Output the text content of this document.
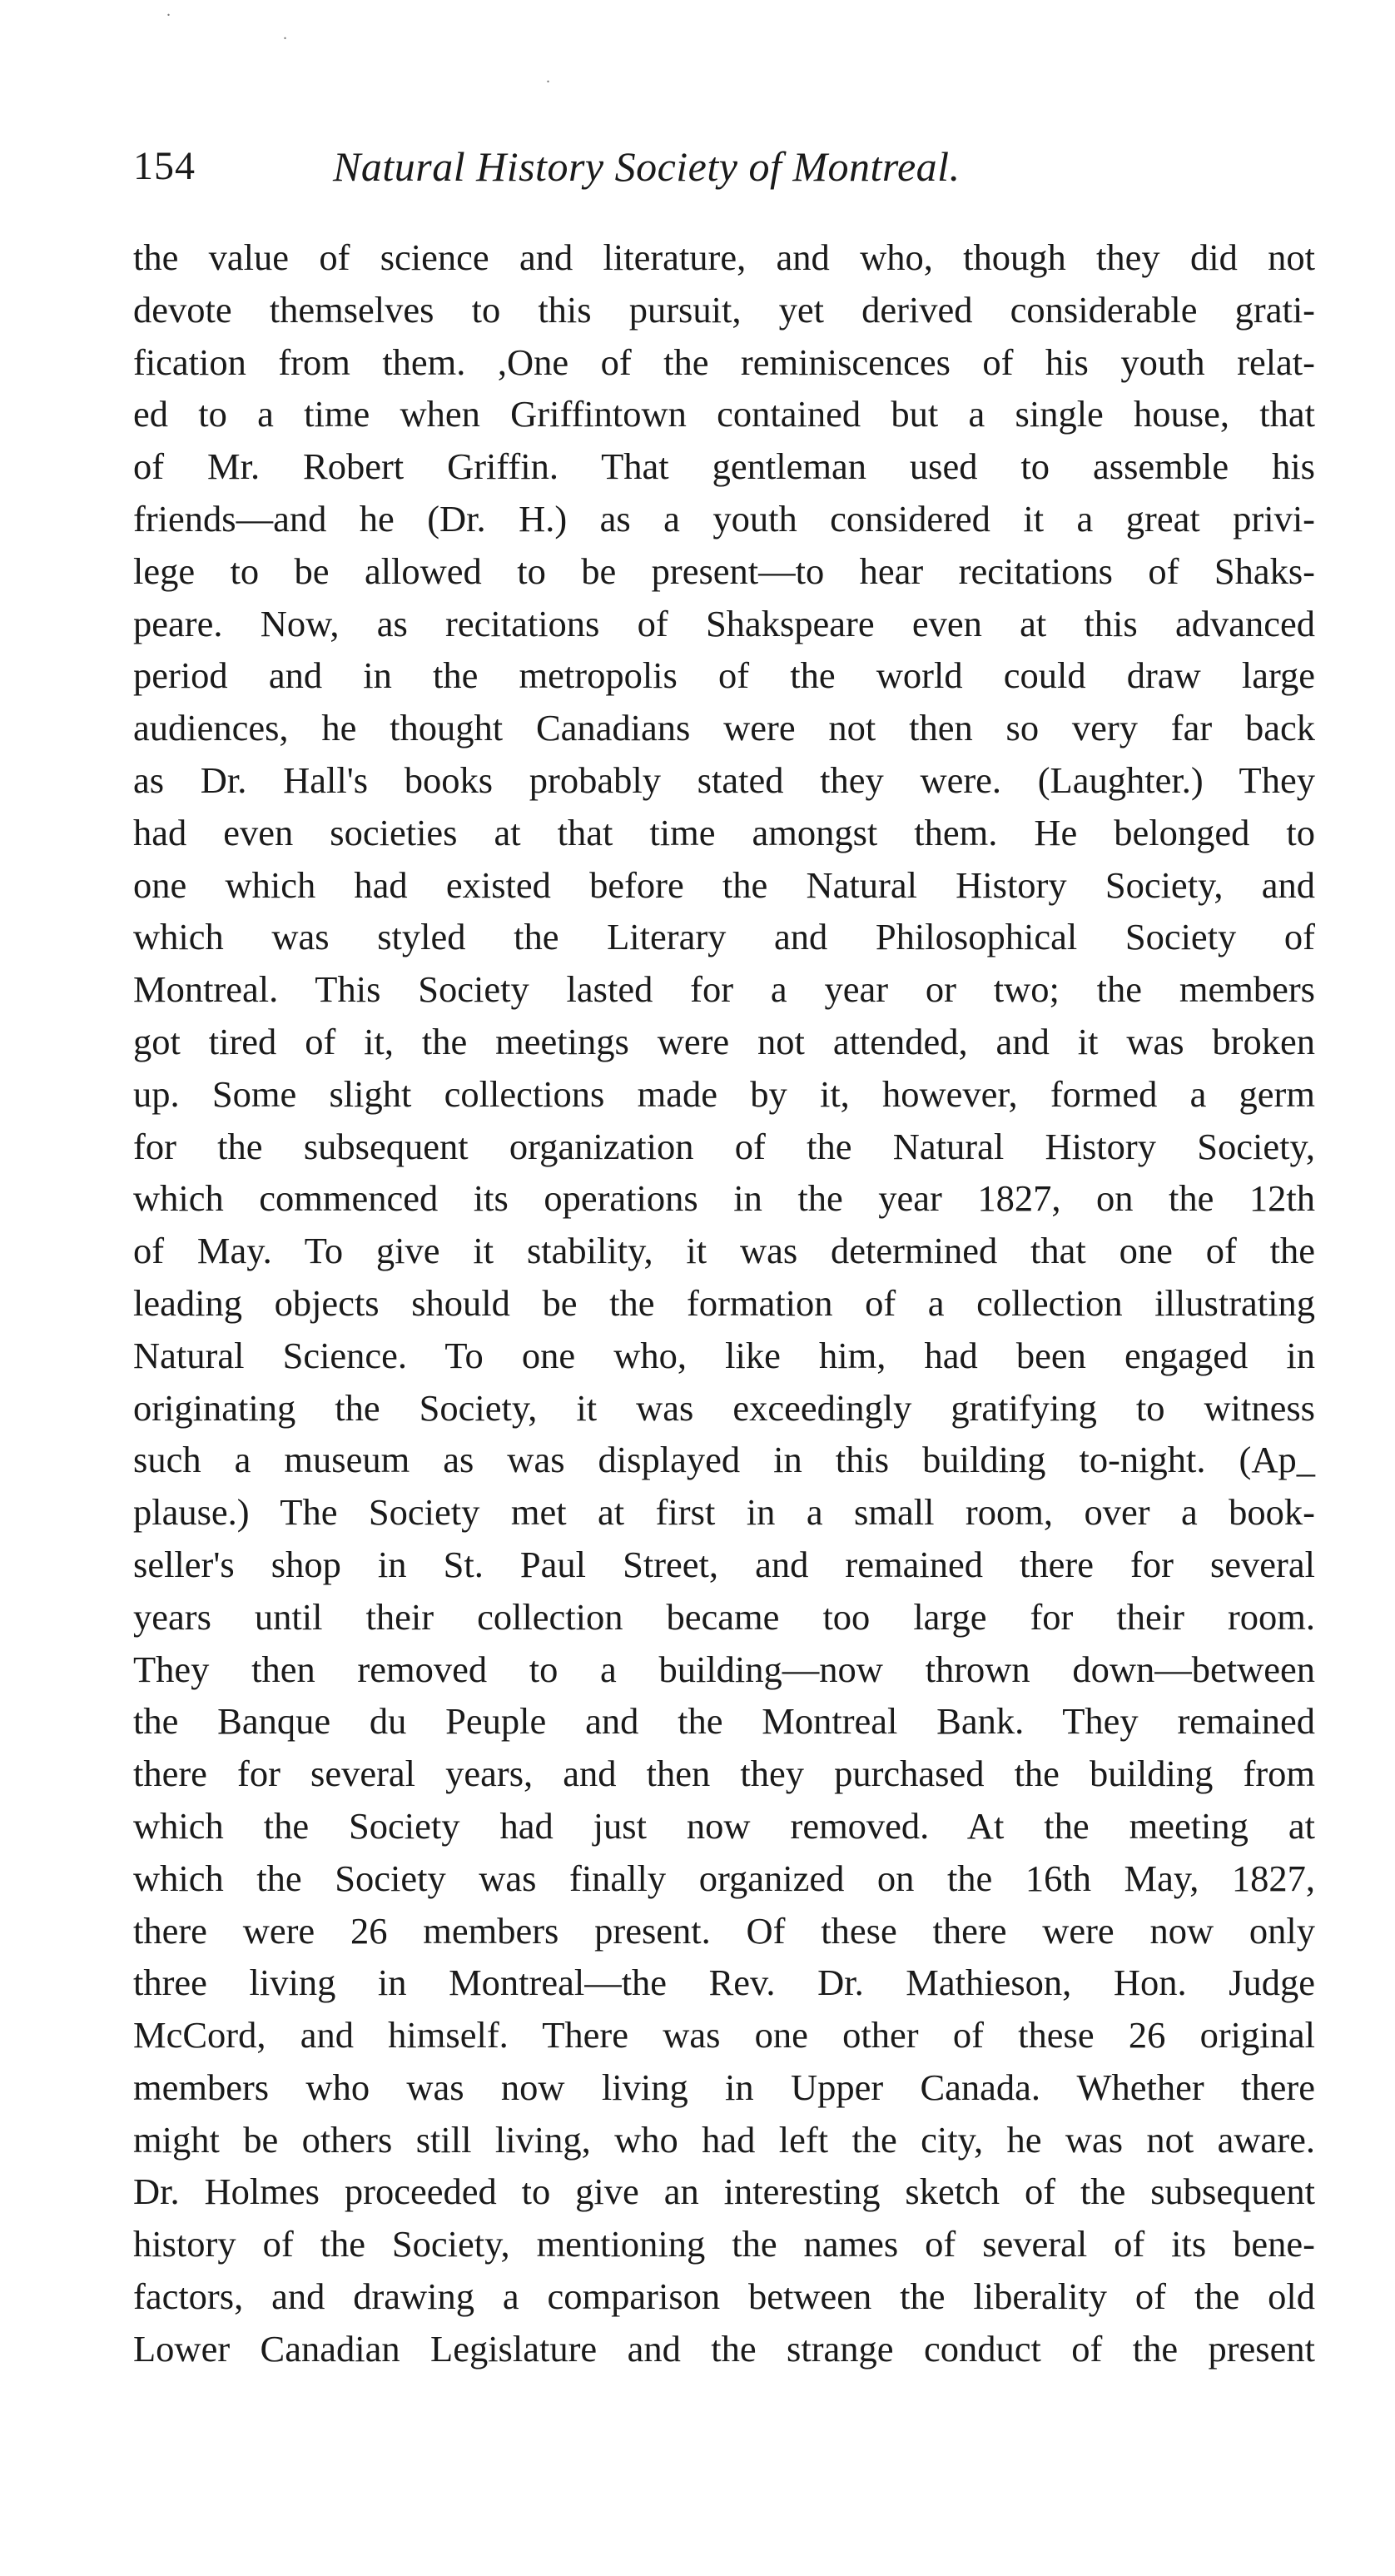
.
.
.
154	Natural History Society of Montreal.
the value of science and literature, and who, though they did not
devote themselves to this pursuit, yet derived considerable grati-
fication from them. ,One of the reminiscences of his youth relat-
ed to a time when Griffintown contained but a single house, that
of Mr. Robert Griffin. That gentleman used to assemble his
friends—and he (Dr. H.) as a youth considered it a great privi-
lege to be allowed to be present—to hear recitations of Shaks-
peare. Now, as recitations of Shakspeare even at this advanced
period and in the metropolis of the world could draw large
audiences, he thought Canadians were not then so very far back
as Dr. Hall's books probably stated they were. (Laughter.) They
had even societies at that time amongst them. He belonged to
one which had existed before the Natural History Society, and
which was styled the Literary and Philosophical Society of
Montreal. This Society lasted for a year or two; the members
got tired of it, the meetings were not attended, and it was broken
up. Some slight collections made by it, however, formed a germ
for the subsequent organization of the Natural History Society,
which commenced its operations in the year 1827, on the 12th
of May. To give it stability, it was determined that one of the
leading objects should be the formation of a collection illustrating
Natural Science. To one who, like him, had been engaged in
originating the Society, it was exceedingly gratifying to witness
such a museum as was displayed in this building to-night. (Ap_
plause.) The Society met at first in a small room, over a book-
seller's shop in St. Paul Street, and remained there for several
years until their collection became too large for their room.
They then removed to a building—now thrown down—between
the Banque du Peuple and the Montreal Bank. They remained
there for several years, and then they purchased the building from
which the Society had just now removed. At the meeting at
which the Society was finally organized on the 16th May, 1827,
there were 26 members present. Of these there were now only
three living in Montreal—the Rev. Dr. Mathieson, Hon. Judge
McCord, and himself. There was one other of these 26 original
members who was now living in Upper Canada. Whether there
might be others still living, who had left the city, he was not aware.
Dr. Holmes proceeded to give an interesting sketch of the subsequent
history of the Society, mentioning the names of several of its bene-
factors, and drawing a comparison between the liberality of the old
Lower Canadian Legislature and the strange conduct of the present
